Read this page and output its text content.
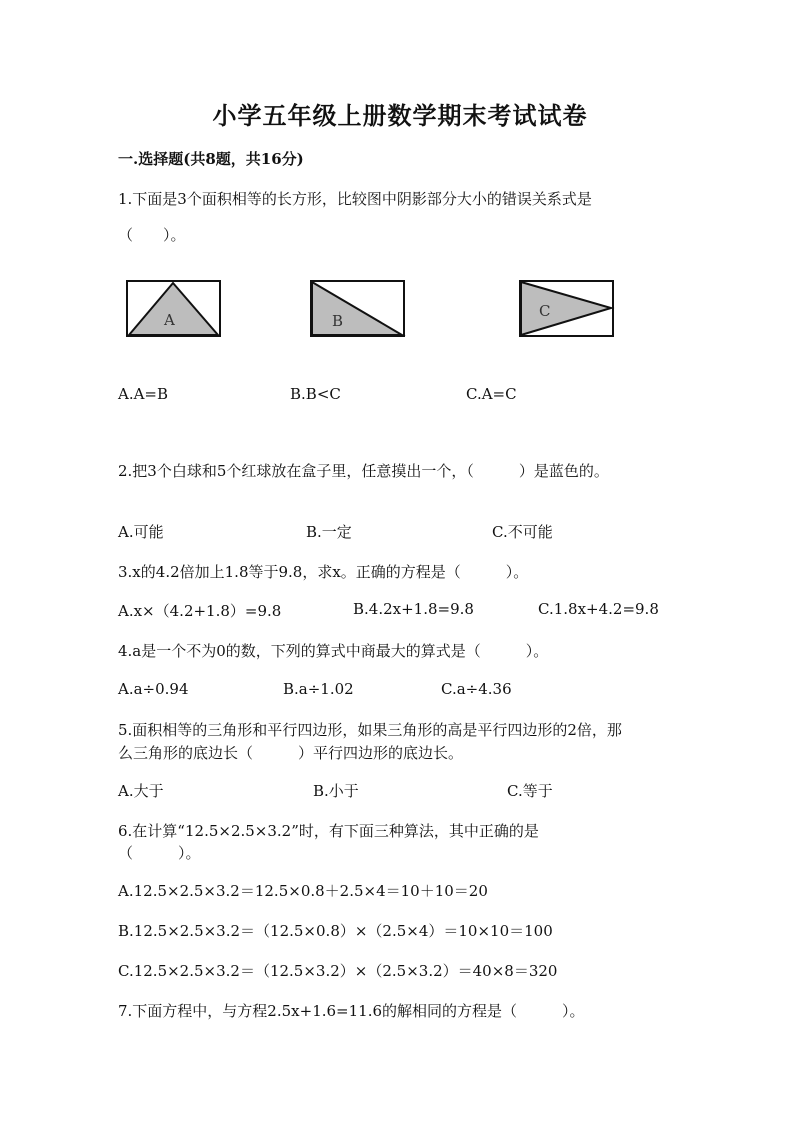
小学五年级上册数学期末考试试卷
一.选择题(共8题，共16分)
1.下面是3个面积相等的长方形，比较图中阴影部分大小的错误关系式是
（　　）。
A	B
C
A.A=B	B.B<C	C.A=C
2.把3个白球和5个红球放在盒子里，任意摸出一个，（　　　）是蓝色的。
A.可能	B.一定	C.不可能
3.x的4.2倍加上1.8等于9.8，求x。正确的方程是（　　　）。
A.x×（4.2+1.8）=9.8	B.4.2x+1.8=9.8	C.1.8x+4.2=9.8
4.a是一个不为0的数，下列的算式中商最大的算式是（　　　）。
A.a÷0.94	B.a÷1.02	C.a÷4.36
5.面积相等的三角形和平行四边形，如果三角形的高是平行四边形的2倍，那
么三角形的底边长（　　　）平行四边形的底边长。
A.大于	B.小于	C.等于
6.在计算“12.5×2.5×3.2”时，有下面三种算法，其中正确的是
（　　　）。
A.12.5×2.5×3.2＝12.5×0.8＋2.5×4＝10＋10＝20
B.12.5×2.5×3.2＝（12.5×0.8）×（2.5×4）＝10×10＝100
C.12.5×2.5×3.2＝（12.5×3.2）×（2.5×3.2）＝40×8＝320
7.下面方程中，与方程2.5x+1.6=11.6的解相同的方程是（　　　）。
